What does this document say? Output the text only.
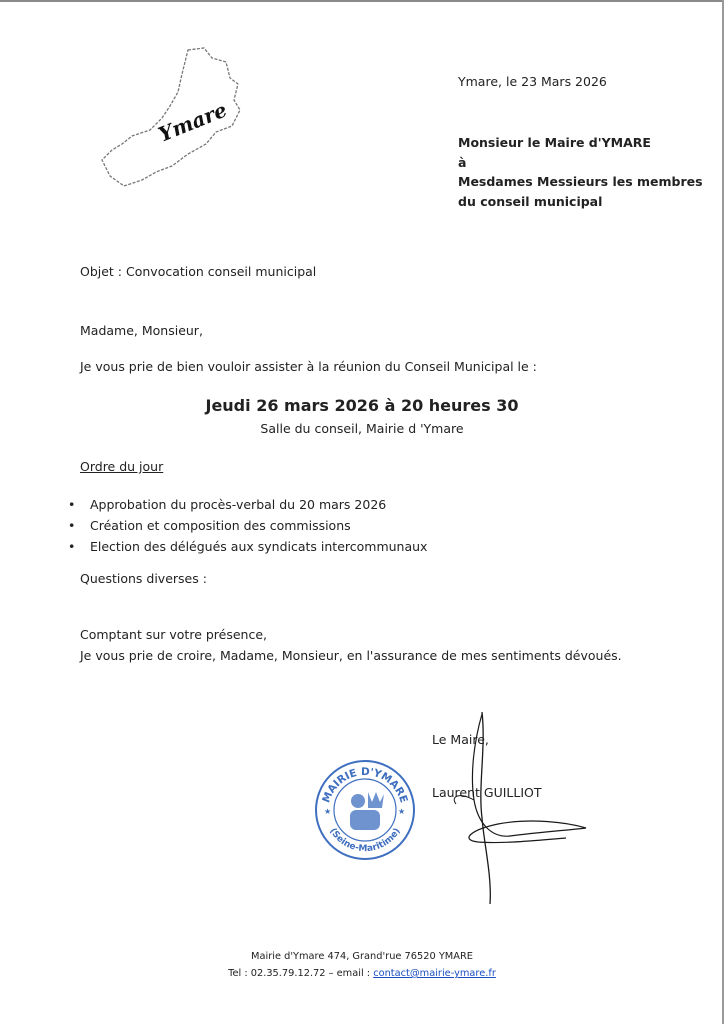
Ymare
Ymare, le 23 Mars 2026
Monsieur le Maire d'YMARE
à
Mesdames Messieurs les membres
du conseil municipal
Objet : Convocation conseil municipal
Madame, Monsieur,
Je vous prie de bien vouloir assister à la réunion du Conseil Municipal le :
Jeudi 26 mars 2026 à 20 heures 30
Salle du conseil, Mairie d 'Ymare
Ordre du jour
• Approbation du procès-verbal du 20 mars 2026
• Création et composition des commissions
• Election des délégués aux syndicats intercommunaux
Questions diverses :
Comptant sur votre présence,
Je vous prie de croire, Madame, Monsieur, en l'assurance de mes sentiments dévoués.
MAIRIE D'YMARE
(Seine-Maritime)
★	★
Le Maire,
Laurent GUILLIOT
Mairie d'Ymare 474, Grand'rue 76520 YMARE
Tel : 02.35.79.12.72 – email : contact@mairie-ymare.fr
